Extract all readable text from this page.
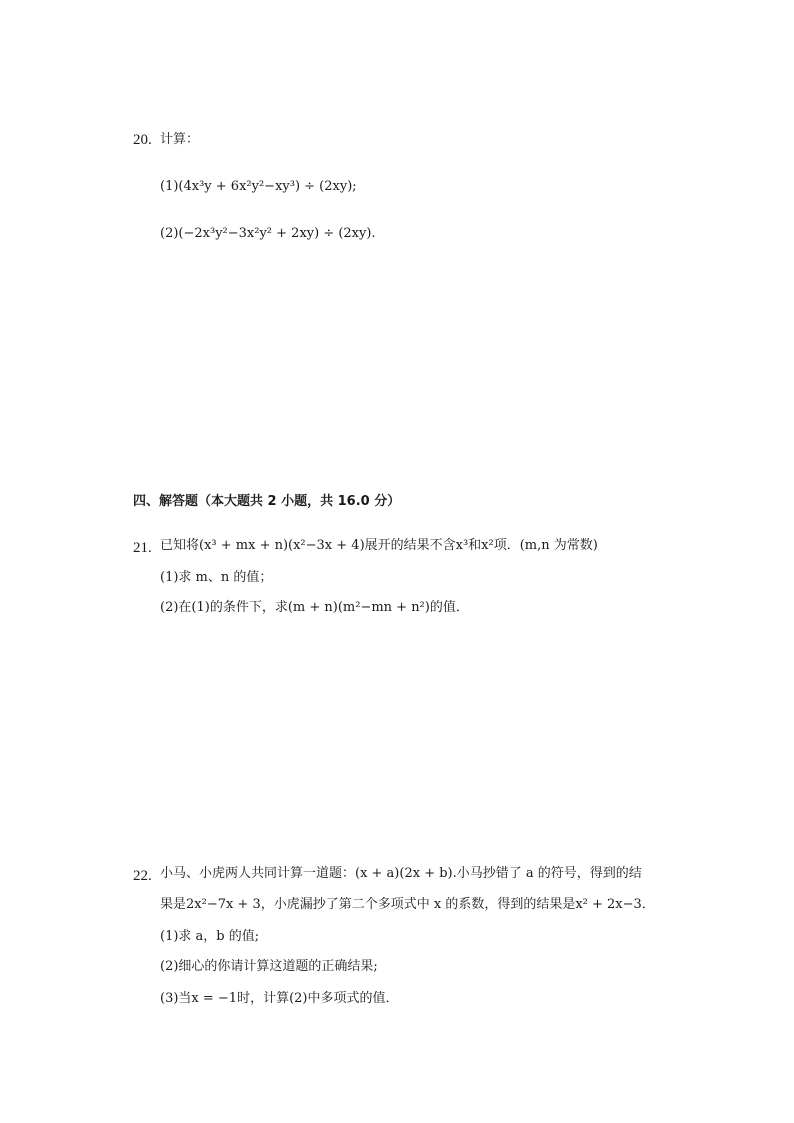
20. 计算：
(1)(4x³y + 6x²y²−xy³) ÷ (2xy);
(2)(−2x³y²−3x²y² + 2xy) ÷ (2xy).
四、解答题（本大题共 2 小题，共 16.0 分）
21. 已知将(x³ + mx + n)(x²−3x + 4)展开的结果不含x³和x²项．(m,n 为常数)
(1)求 m、n 的值；
(2)在(1)的条件下，求(m + n)(m²−mn + n²)的值．
22. 小马、小虎两人共同计算一道题：(x + a)(2x + b).小马抄错了 a 的符号，得到的结
果是2x²−7x + 3，小虎漏抄了第二个多项式中 x 的系数，得到的结果是x² + 2x−3．
(1)求 a，b 的值;
(2)细心的你请计算这道题的正确结果;
(3)当x = −1时，计算(2)中多项式的值．
